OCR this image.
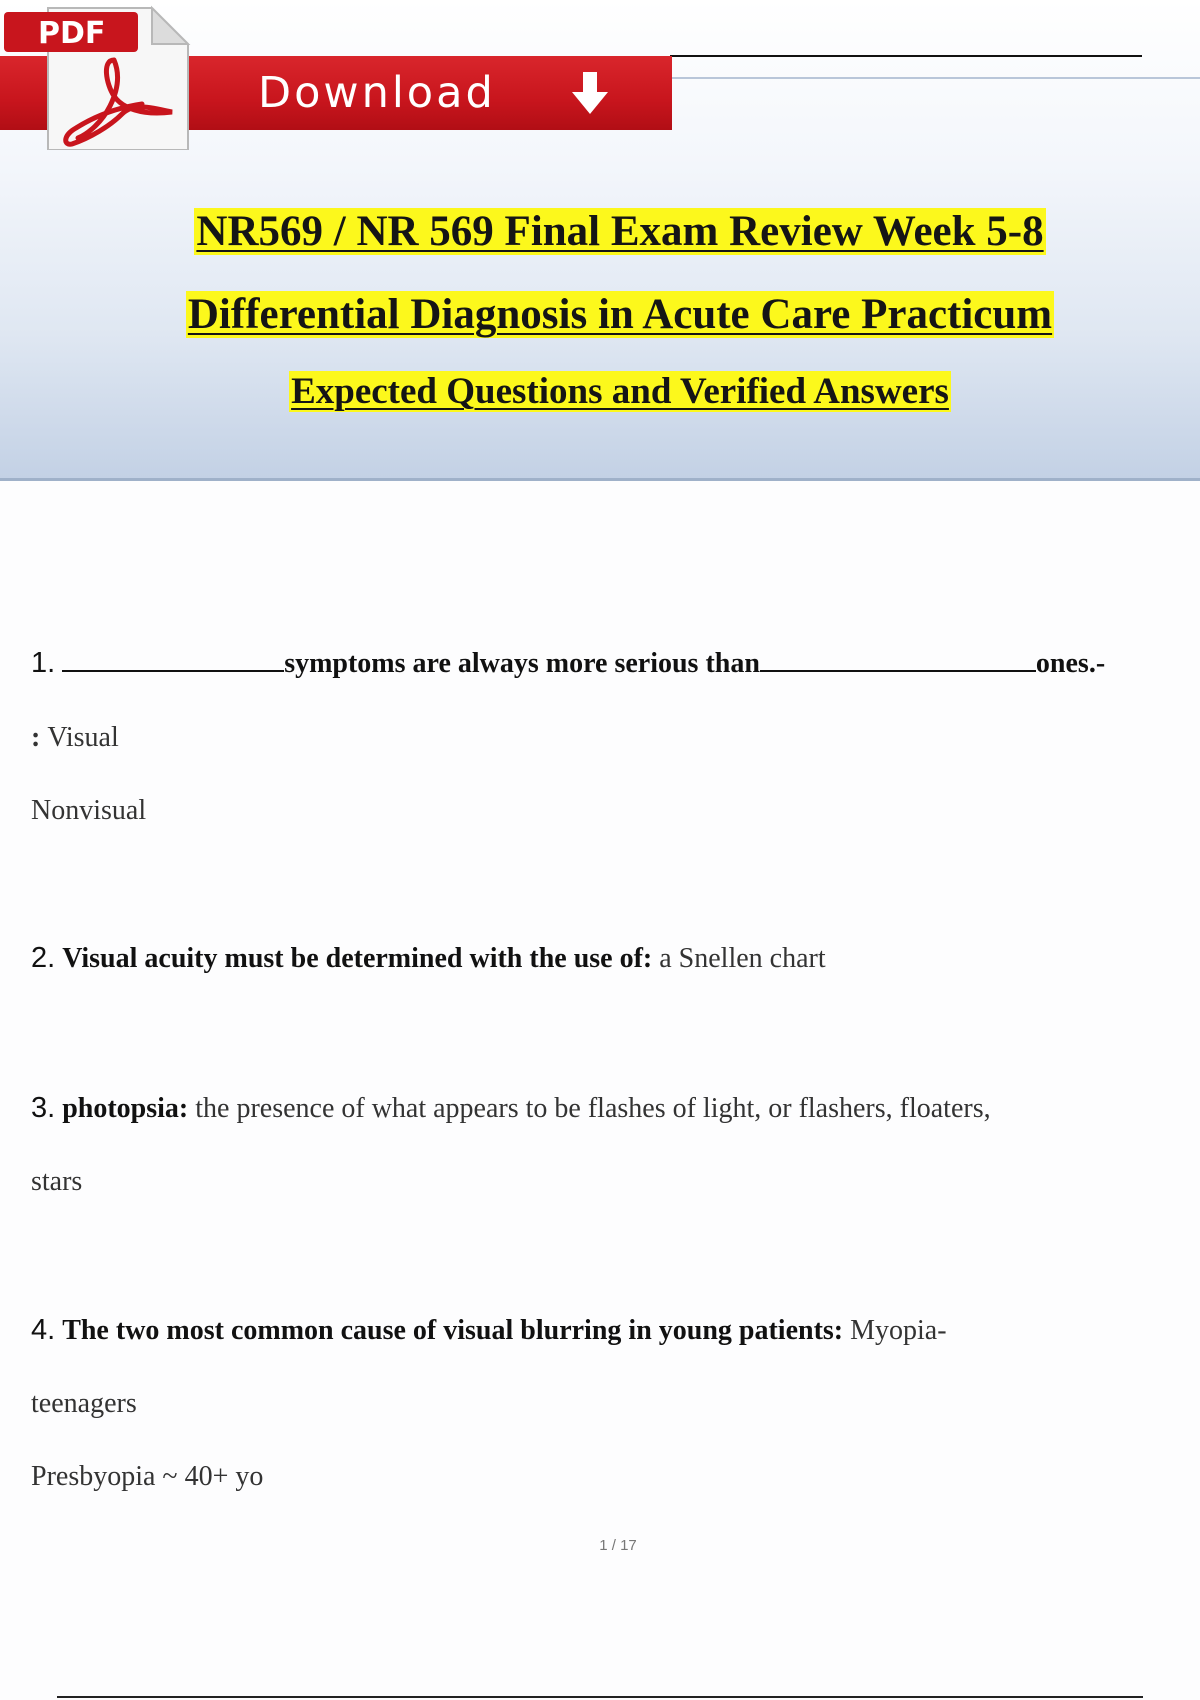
Download
PDF
NR569 / NR 569 Final Exam Review Week 5-8
Differential Diagnosis in Acute Care Practicum
Expected Questions and Verified Answers
1.	symptoms are always more serious than	ones.-
: Visual
Nonvisual
2. Visual acuity must be determined with the use of: a Snellen chart
3. photopsia: the presence of what appears to be flashes of light, or flashers, floaters,
stars
4. The two most common cause of visual blurring in young patients: Myopia-
teenagers
Presbyopia ~ 40+ yo
1 / 17
